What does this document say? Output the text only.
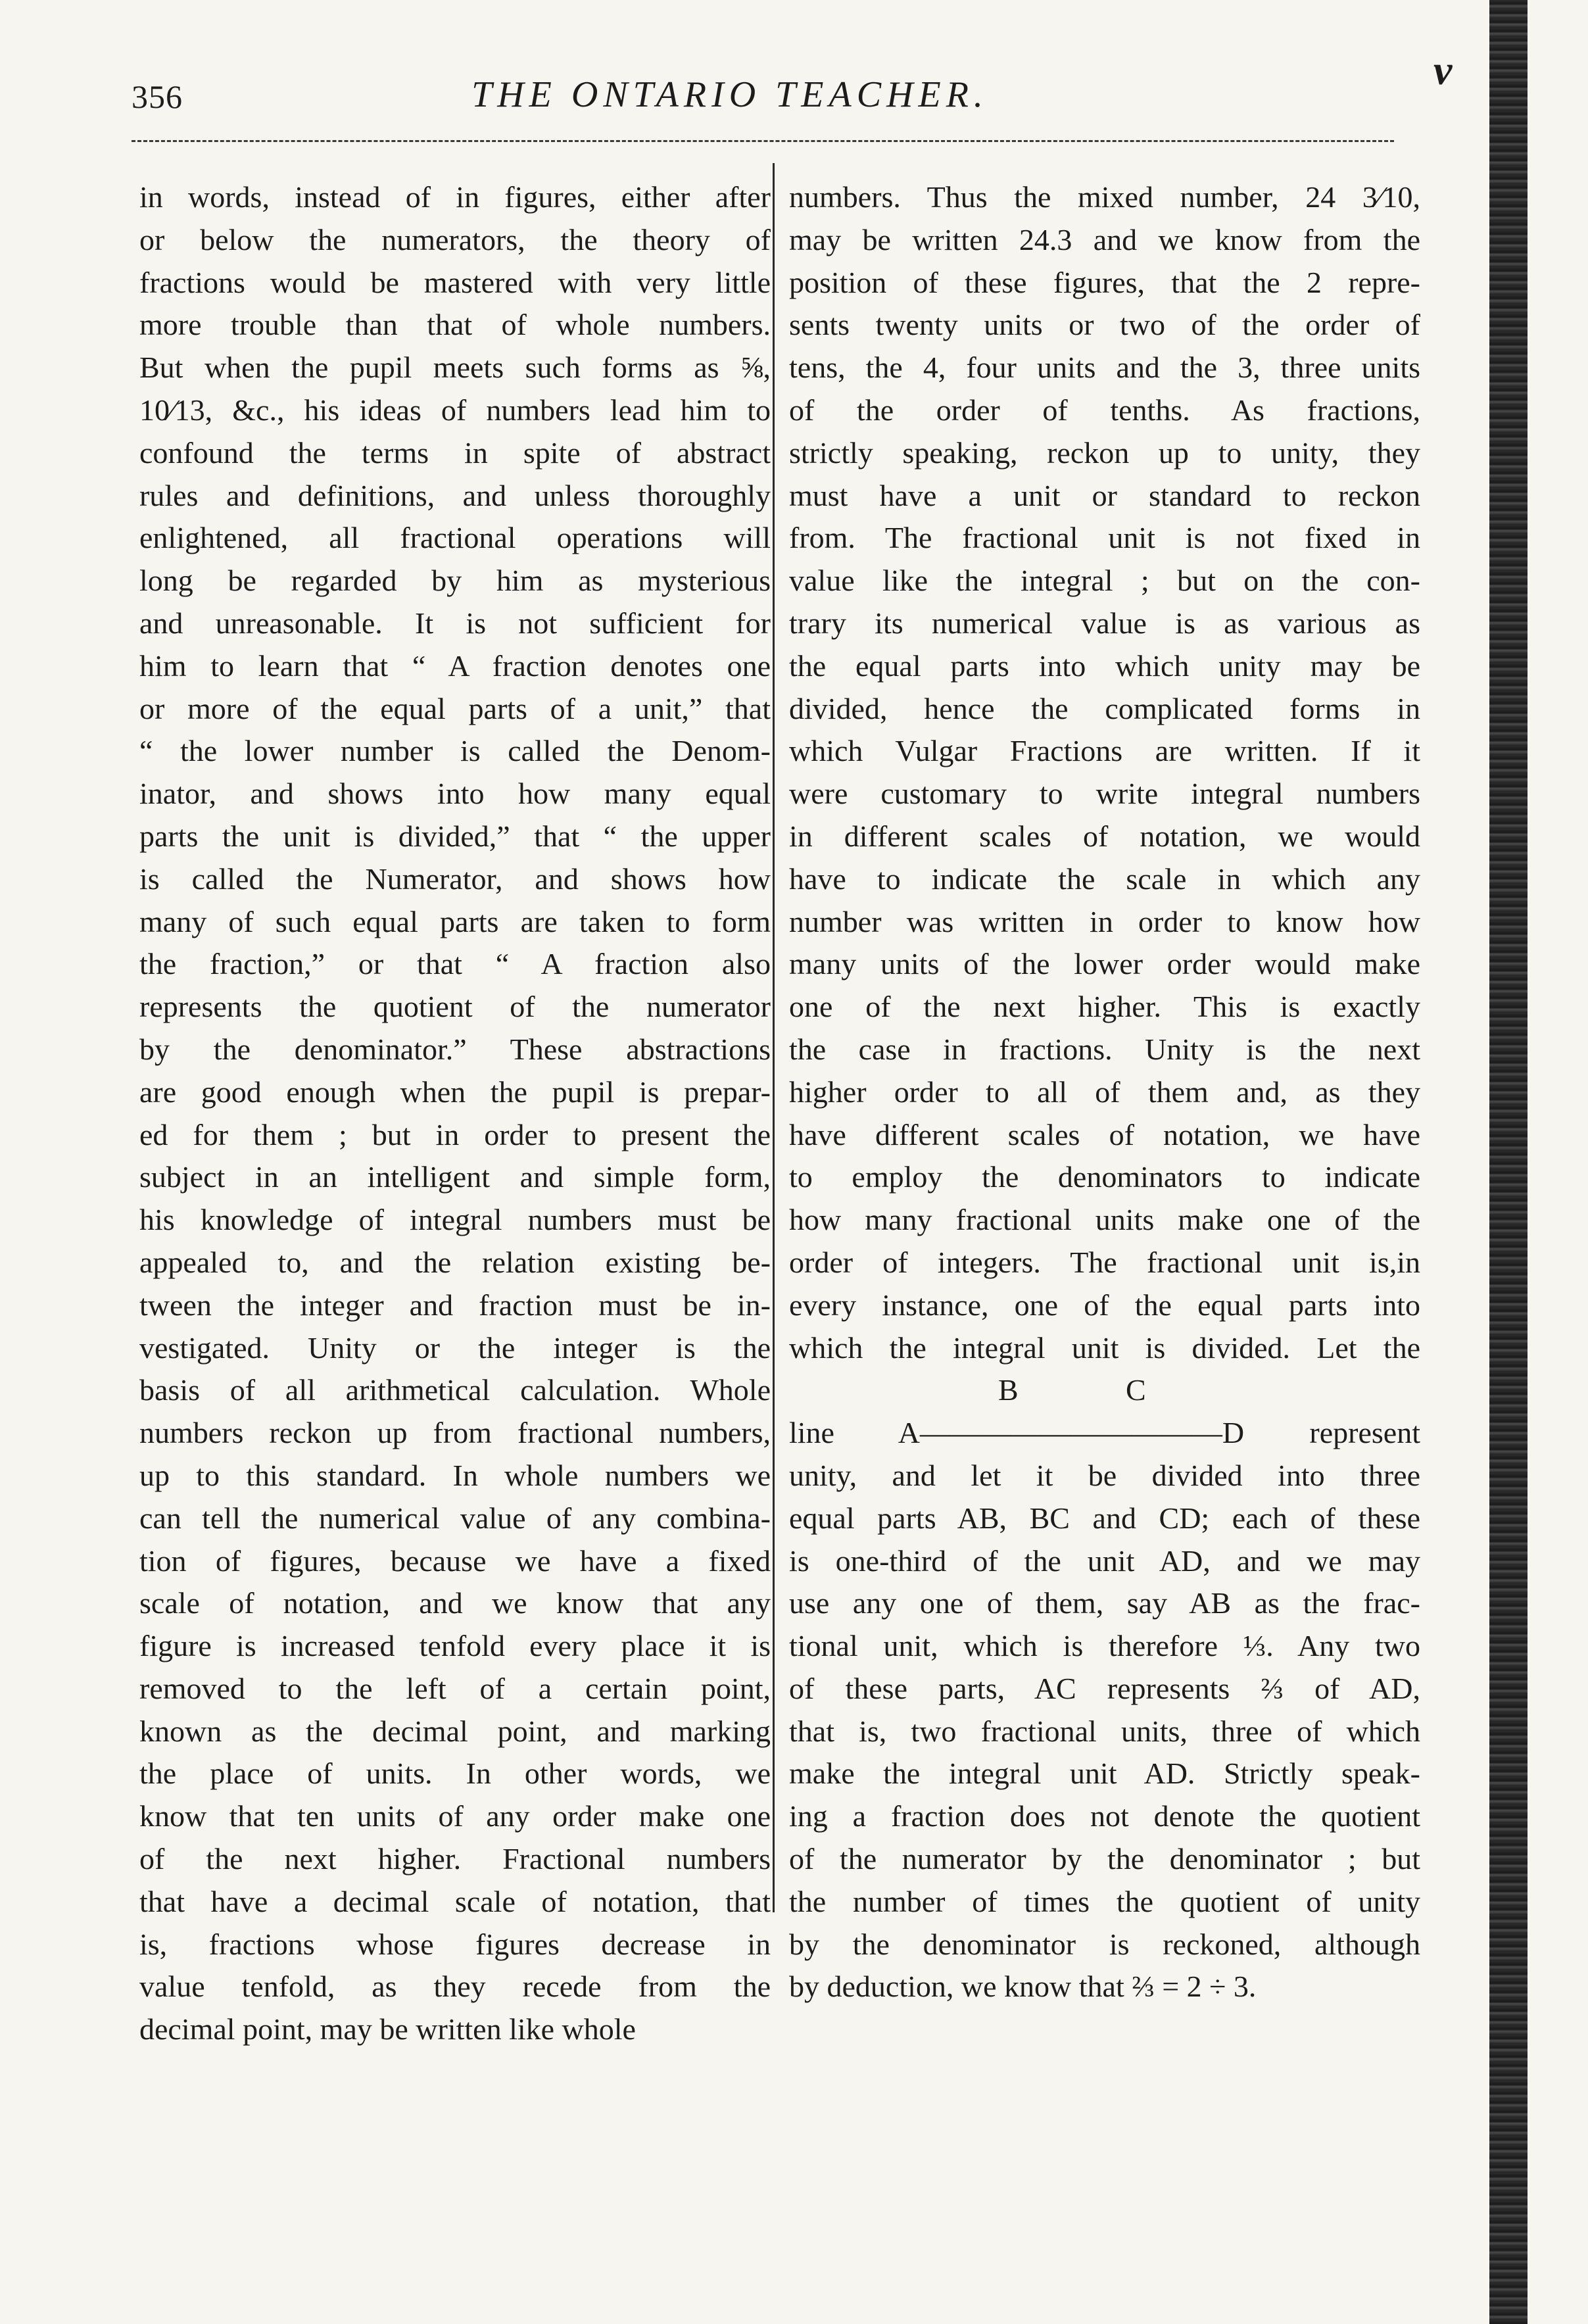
356	THE ONTARIO TEACHER.
ν
in words, instead of in figures, either after
or below the numerators, the theory of
fractions would be mastered with very little
more trouble than that of whole numbers.
But when the pupil meets such forms as ⅝,
10⁄13, &c., his ideas of numbers lead him to
confound the terms in spite of abstract
rules and definitions, and unless thoroughly
enlightened, all fractional operations will
long be regarded by him as mysterious
and unreasonable. It is not sufficient for
him to learn that “ A fraction denotes one
or more of the equal parts of a unit,” that
“ the lower number is called the Denom-
inator, and shows into how many equal
parts the unit is divided,” that “ the upper
is called the Numerator, and shows how
many of such equal parts are taken to form
the fraction,” or that “ A fraction also
represents the quotient of the numerator
by the denominator.” These abstractions
are good enough when the pupil is prepar-
ed for them ; but in order to present the
subject in an intelligent and simple form,
his knowledge of integral numbers must be
appealed to, and the relation existing be-
tween the integer and fraction must be in-
vestigated. Unity or the integer is the
basis of all arithmetical calculation. Whole
numbers reckon up from fractional numbers,
up to this standard. In whole numbers we
can tell the numerical value of any combina-
tion of figures, because we have a fixed
scale of notation, and we know that any
figure is increased tenfold every place it is
removed to the left of a certain point,
known as the decimal point, and marking
the place of units. In other words, we
know that ten units of any order make one
of the next higher. Fractional numbers
that have a decimal scale of notation, that
is, fractions whose figures decrease in
value tenfold, as they recede from the
decimal point, may be written like whole
numbers. Thus the mixed number, 24 3⁄10,
may be written 24.3 and we know from the
position of these figures, that the 2 repre-
sents twenty units or two of the order of
tens, the 4, four units and the 3, three units
of the order of tenths. As fractions,
strictly speaking, reckon up to unity, they
must have a unit or standard to reckon
from. The fractional unit is not fixed in
value like the integral ; but on the con-
trary its numerical value is as various as
the equal parts into which unity may be
divided, hence the complicated forms in
which Vulgar Fractions are written. If it
were customary to write integral numbers
in different scales of notation, we would
have to indicate the scale in which any
number was written in order to know how
many units of the lower order would make
one of the next higher. This is exactly
the case in fractions. Unity is the next
higher order to all of them and, as they
have different scales of notation, we have
to employ the denominators to indicate
how many fractional units make one of the
order of integers. The fractional unit is,in
every instance, one of the equal parts into
which the integral unit is divided. Let the
B	C
line A——————————D represent
unity, and let it be divided into three
equal parts AB, BC and CD; each of these
is one-third of the unit AD, and we may
use any one of them, say AB as the frac-
tional unit, which is therefore ⅓. Any two
of these parts, AC represents ⅔ of AD,
that is, two fractional units, three of which
make the integral unit AD. Strictly speak-
ing a fraction does not denote the quotient
of the numerator by the denominator ; but
the number of times the quotient of unity
by the denominator is reckoned, although
by deduction, we know that ⅔ = 2 ÷ 3.
